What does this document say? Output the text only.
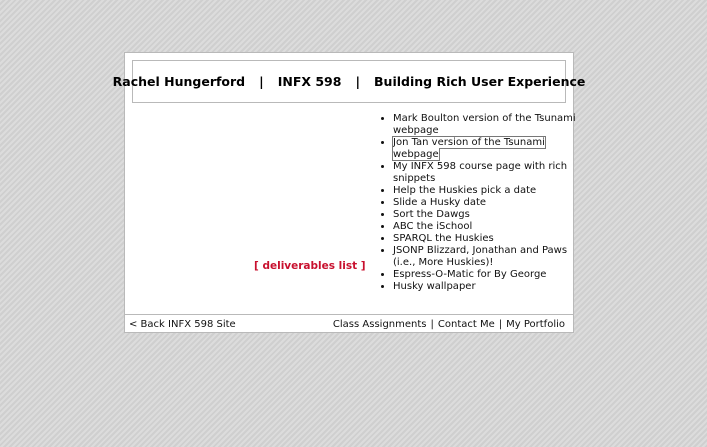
Rachel Hungerford | INFX 598 | Building Rich User Experience
[ deliverables list ]
• Mark Boulton version of the Tsunami webpage
• Jon Tan version of the Tsunami webpage
• My INFX 598 course page with rich snippets
• Help the Huskies pick a date
• Slide a Husky date
• Sort the Dawgs
• ABC the iSchool
• SPARQL the Huskies
• JSONP Blizzard, Jonathan and Paws (i.e., More Huskies)!
• Espress-O-Matic for By George
• Husky wallpaper
< Back INFX 598 Site	Class Assignments | Contact Me | My Portfolio
